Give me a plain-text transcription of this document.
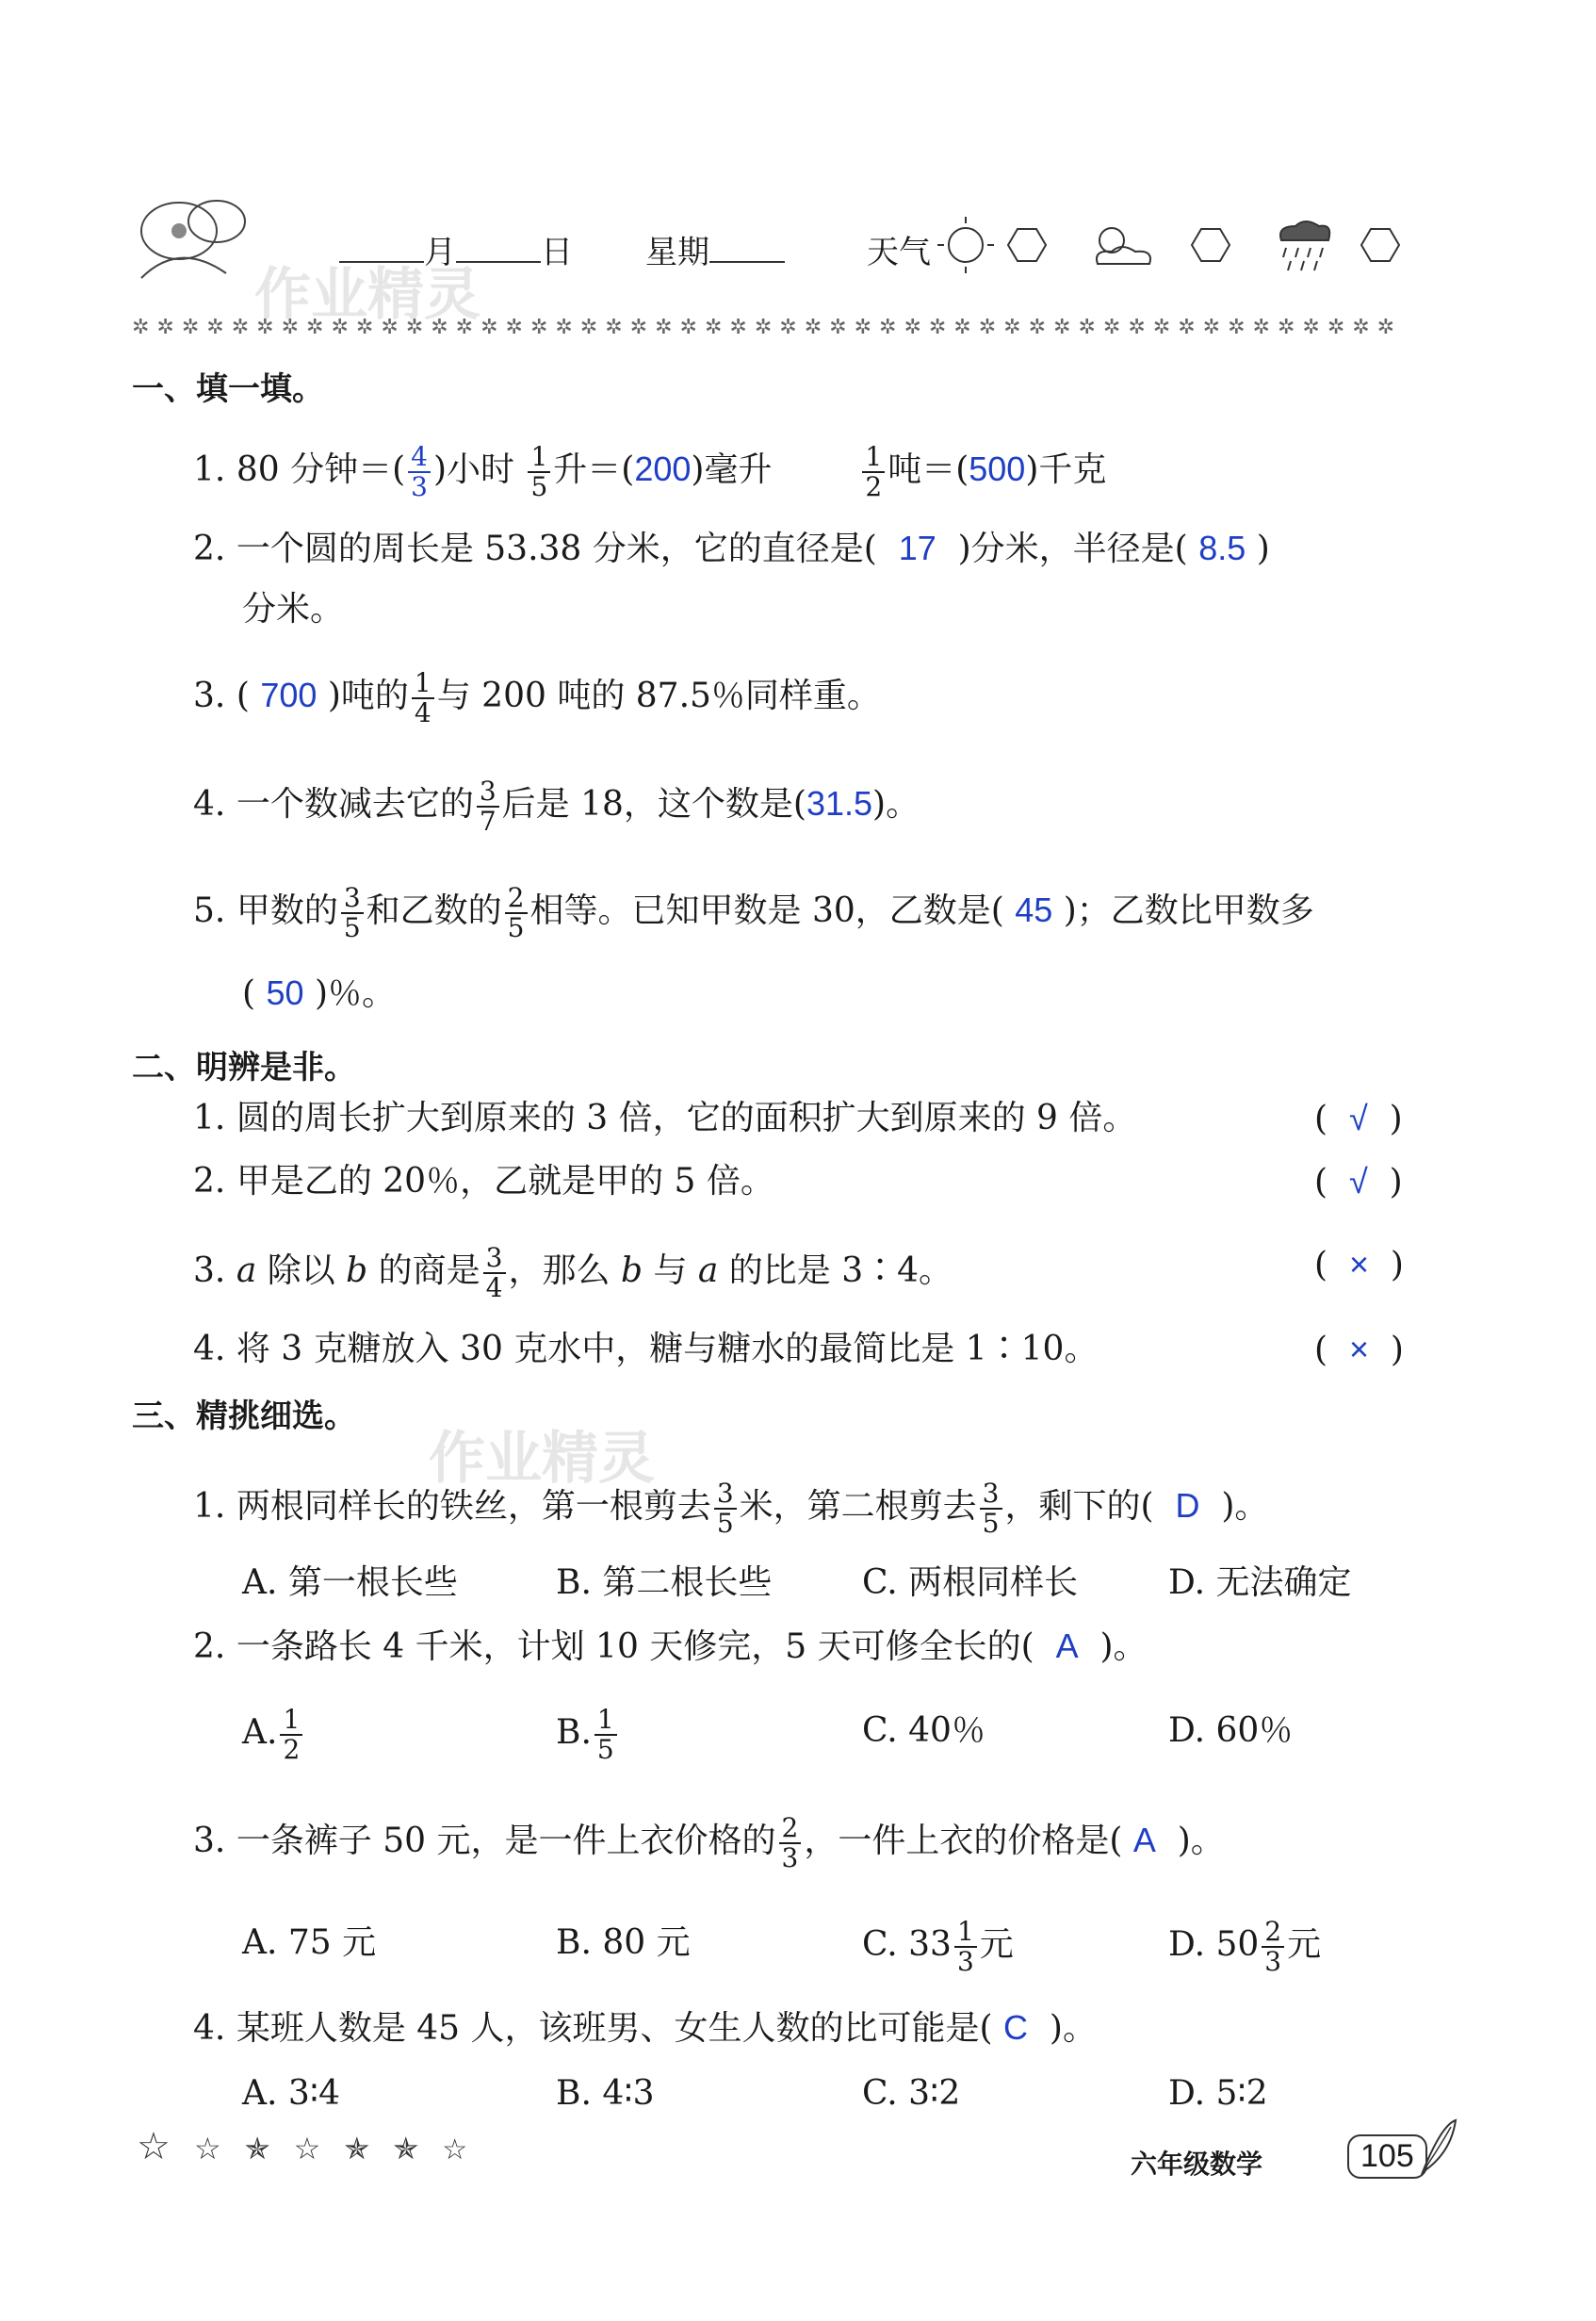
作业精灵
月	日 星期	天气
✲✲✲✲✲✲✲✲✲✲✲✲✲✲✲✲✲✲✲✲✲✲✲✲✲✲✲✲✲✲✲✲✲✲✲✲✲✲✲✲✲✲✲✲✲✲✲✲✲✲✲
一、填一填。
1. 80 分钟＝( $\frac{4}{3}$ )小时 $\frac{1}{5}$ 升＝(200)毫升	$\frac{1}{2}$ 吨＝(500)千克
2. 一个圆的周长是 53.38 分米，它的直径是( 17 )分米，半径是( 8.5 )
分米。
3. ( 700 )吨的 $\frac{1}{4}$ 与 200 吨的 87.5％同样重。
4. 一个数减去它的 $\frac{3}{7}$ 后是 18，这个数是(31.5)。
5. 甲数的 $\frac{3}{5}$ 和乙数的 $\frac{2}{5}$ 相等。已知甲数是 30，乙数是( 45 )；乙数比甲数多
( 50 )％。
二、明辨是非。
1. 圆的周长扩大到原来的 3 倍，它的面积扩大到原来的 9 倍。	(  √  )
2. 甲是乙的 20％，乙就是甲的 5 倍。	(  √  )
3. a 除以 b 的商是 $\frac{3}{4}$ ，那么 b 与 a 的比是 3∶4。	(  ×  )
4. 将 3 克糖放入 30 克水中，糖与糖水的最简比是 1∶10。	(  ×  )
三、精挑细选。
作业精灵
1. 两根同样长的铁丝，第一根剪去 $\frac{3}{5}$ 米，第二根剪去 $\frac{3}{5}$ ，剩下的( D )。
A. 第一根长些	B. 第二根长些	C. 两根同样长	D. 无法确定
2. 一条路长 4 千米，计划 10 天修完，5 天可修全长的( A )。
A. $\frac{1}{2}$	B. $\frac{1}{5}$	C. 40％	D. 60％
3. 一条裤子 50 元，是一件上衣价格的 $\frac{2}{3}$ ，一件上衣的价格是( A )。
A. 75 元	B. 80 元	C. $33 \frac{1}{3}$ 元	D. $50 \frac{2}{3}$ 元
4. 某班人数是 45 人，该班男、女生人数的比可能是( C )。
A. 3∶4	B. 4∶3	C. 3∶2	D. 5∶2
☆ ☆ ✯ ☆ ✯ ✯ ☆	六年级数学	105
